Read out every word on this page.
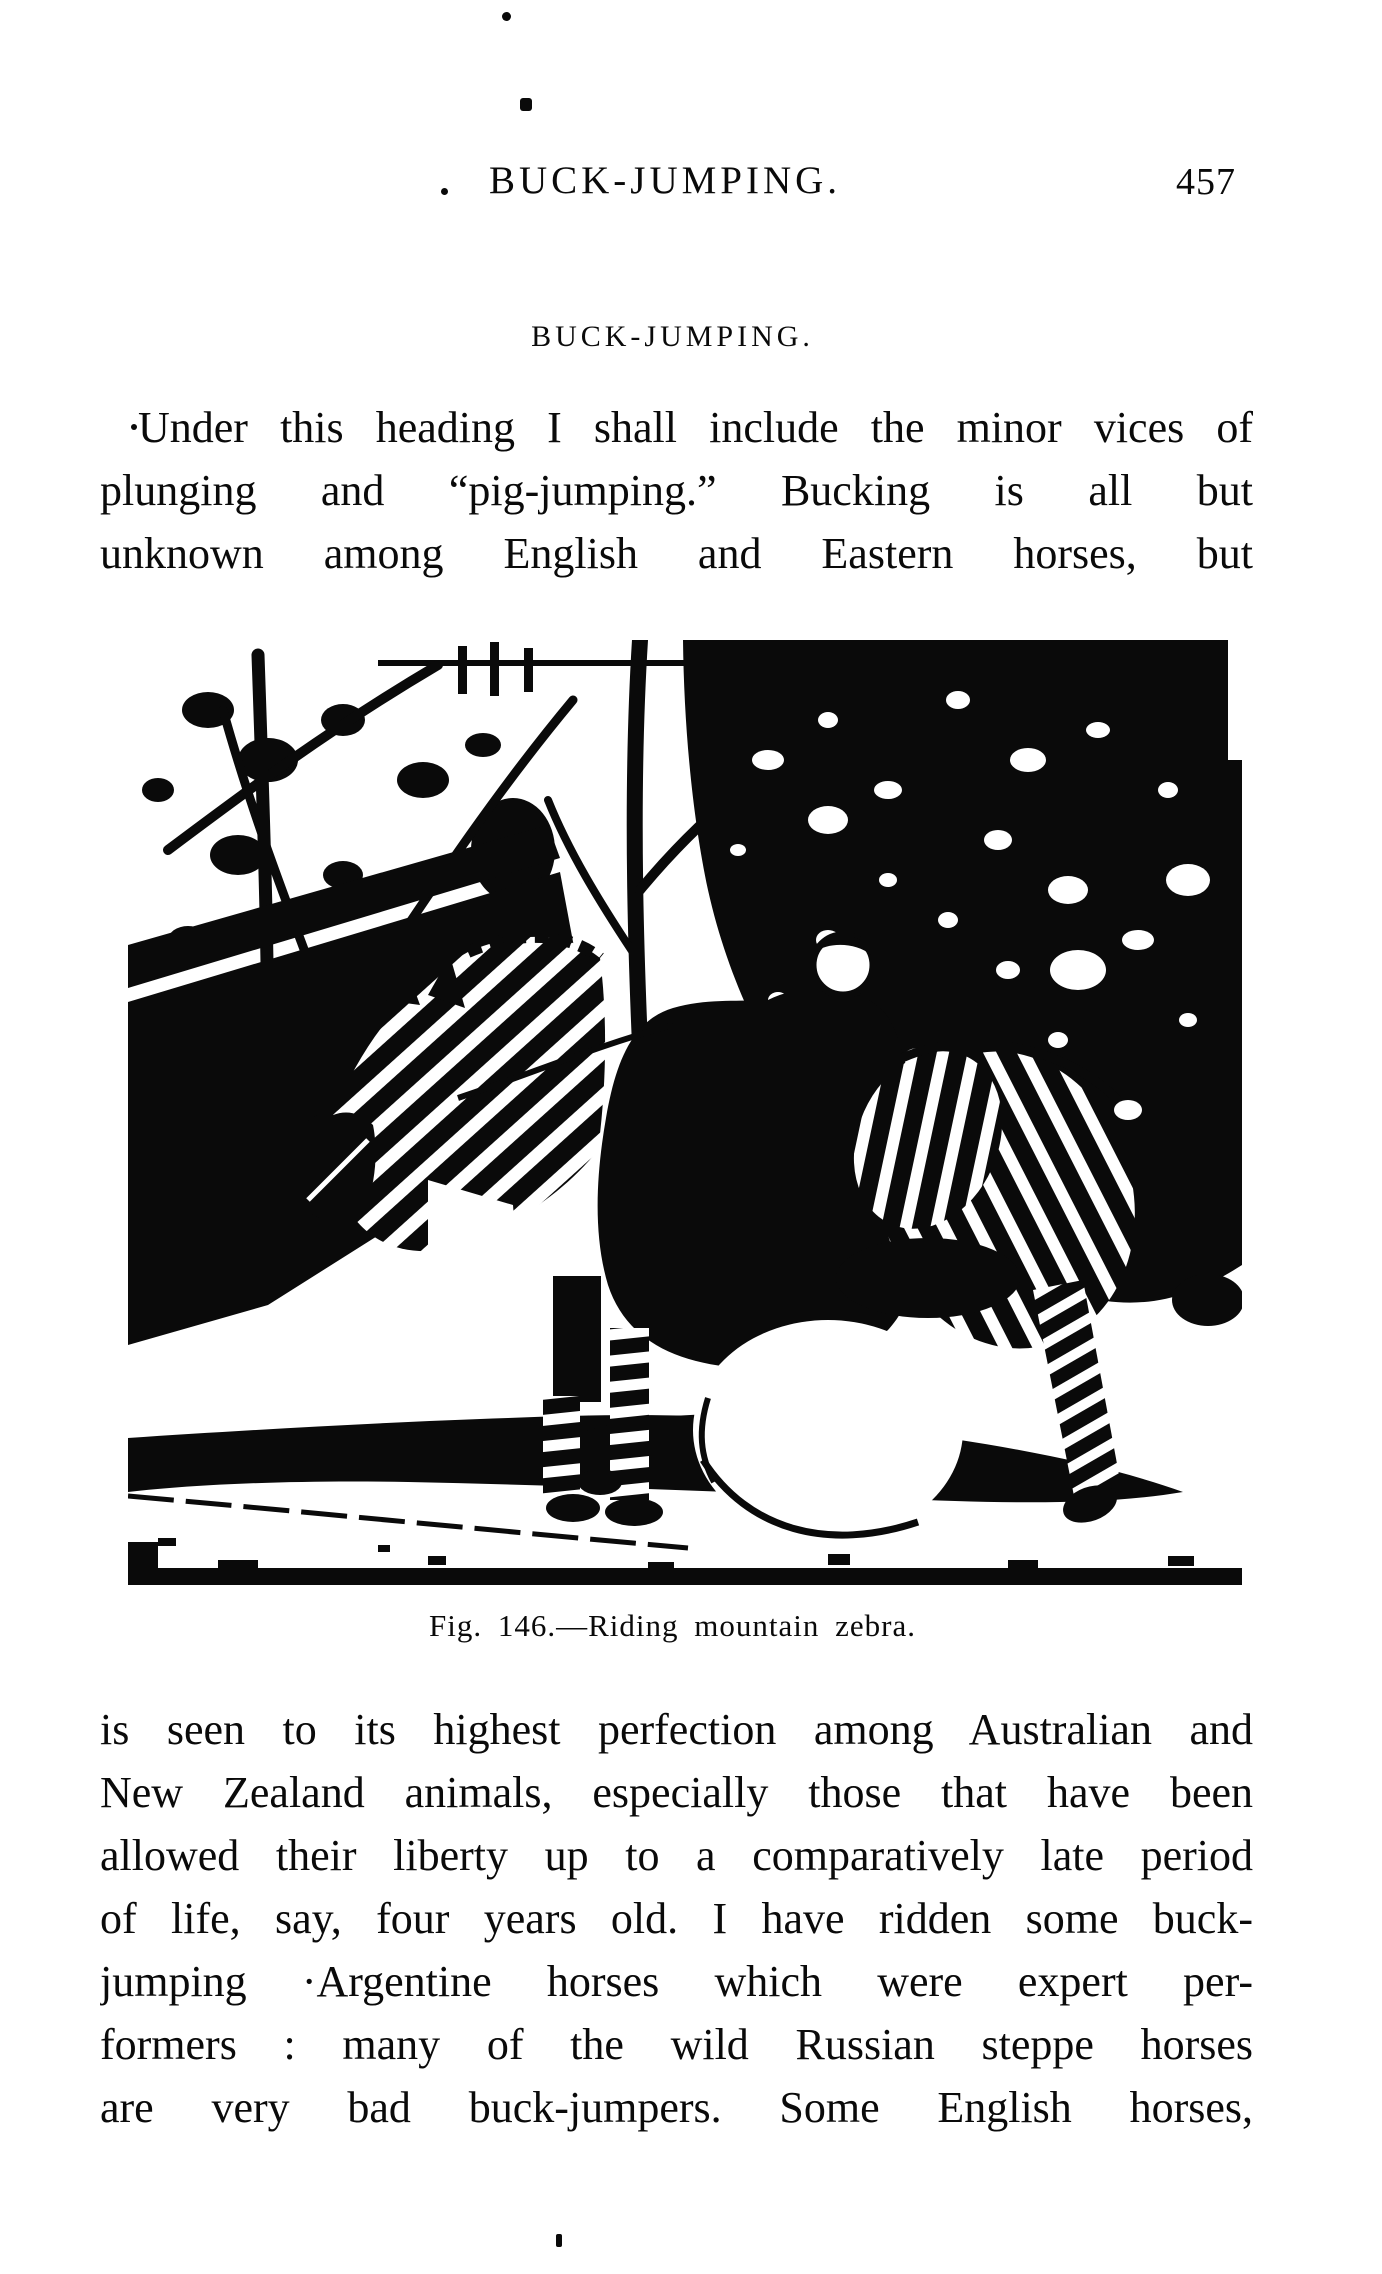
BUCK-JUMPING.	457
BUCK-JUMPING.
Under this heading I shall include the minor vices of
plunging and “pig-jumping.” Bucking is all but
unknown among English and Eastern horses, but
Fig. 146.—Riding mountain zebra.
is seen to its highest perfection among Australian and
New Zealand animals, especially those that have been
allowed their liberty up to a comparatively late period
of life, say, four years old. I have ridden some buck-
jumping ·Argentine horses which were expert per-
formers : many of the wild Russian steppe horses
are very bad buck-jumpers. Some English horses,
